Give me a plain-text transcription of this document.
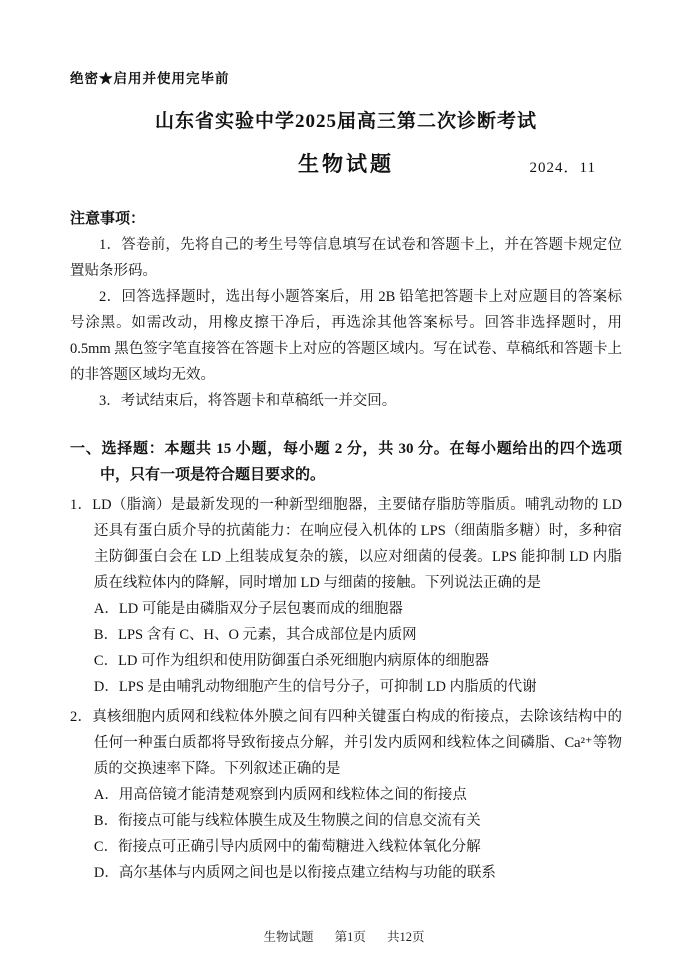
绝密★启用并使用完毕前
山东省实验中学2025届高三第二次诊断考试
生物试题	2024．11
注意事项：

1．答卷前，先将自己的考生号等信息填写在试卷和答题卡上，并在答题卡规定位置贴条形码。

2．回答选择题时，选出每小题答案后，用 2B 铅笔把答题卡上对应题目的答案标号涂黑。如需改动，用橡皮擦干净后，再选涂其他答案标号。回答非选择题时，用 0.5mm 黑色签字笔直接答在答题卡上对应的答题区域内。写在试卷、草稿纸和答题卡上的非答题区域均无效。

3．考试结束后，将答题卡和草稿纸一并交回。

一、选择题：本题共 15 小题，每小题 2 分，共 30 分。在每小题给出的四个选项中，只有一项是符合题目要求的。

1．LD（脂滴）是最新发现的一种新型细胞器，主要储存脂肪等脂质。哺乳动物的 LD 还具有蛋白质介导的抗菌能力：在响应侵入机体的 LPS（细菌脂多糖）时，多种宿主防御蛋白会在 LD 上组装成复杂的簇，以应对细菌的侵袭。LPS 能抑制 LD 内脂质在线粒体内的降解，同时增加 LD 与细菌的接触。下列说法正确的是

A．LD 可能是由磷脂双分子层包裹而成的细胞器

B．LPS 含有 C、H、O 元素，其合成部位是内质网

C．LD 可作为组织和使用防御蛋白杀死细胞内病原体的细胞器

D．LPS 是由哺乳动物细胞产生的信号分子，可抑制 LD 内脂质的代谢

2．真核细胞内质网和线粒体外膜之间有四种关键蛋白构成的衔接点，去除该结构中的任何一种蛋白质都将导致衔接点分解，并引发内质网和线粒体之间磷脂、Ca²⁺等物质的交换速率下降。下列叙述正确的是

A．用高倍镜才能清楚观察到内质网和线粒体之间的衔接点

B．衔接点可能与线粒体膜生成及生物膜之间的信息交流有关

C．衔接点可正确引导内质网中的葡萄糖进入线粒体氧化分解

D．高尔基体与内质网之间也是以衔接点建立结构与功能的联系

生物试题 第1页 共12页
